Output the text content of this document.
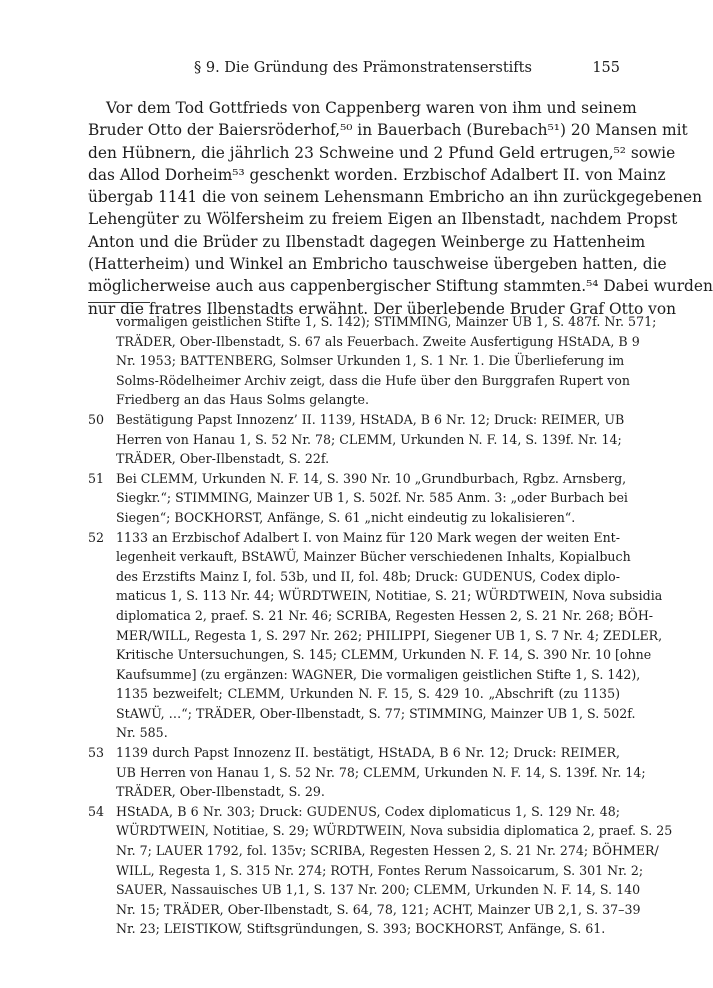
§ 9. Die Gründung des Prämonstratenserstifts	155
Vor dem Tod Gottfrieds von Cappenberg waren von ihm und seinem
Bruder Otto der Baiersröderhof,⁵⁰ in Bauerbach (Burebach⁵¹) 20 Mansen mit
den Hübnern, die jährlich 23 Schweine und 2 Pfund Geld ertrugen,⁵² sowie
das Allod Dorheim⁵³ geschenkt worden. Erzbischof Adalbert II. von Mainz
übergab 1141 die von seinem Lehensmann Embricho an ihn zurückgegebenen
Lehengüter zu Wölfersheim zu freiem Eigen an Ilbenstadt, nachdem Propst
Anton und die Brüder zu Ilbenstadt dagegen Weinberge zu Hattenheim
(Hatterheim) und Winkel an Embricho tauschweise übergeben hatten, die
möglicherweise auch aus cappenbergischer Stiftung stammten.⁵⁴ Dabei wurden
nur die fratres Ilbenstadts erwähnt. Der überlebende Bruder Graf Otto von
vormaligen geistlichen Stifte 1, S. 142); STIMMING, Mainzer UB 1, S. 487f. Nr. 571;
TRÄDER, Ober-Ilbenstadt, S. 67 als Feuerbach. Zweite Ausfertigung HStADA, B 9
Nr. 1953; BATTENBERG, Solmser Urkunden 1, S. 1 Nr. 1. Die Überlieferung im
Solms-Rödelheimer Archiv zeigt, dass die Hufe über den Burggrafen Rupert von
Friedberg an das Haus Solms gelangte.
50 Bestätigung Papst Innozenz’ II. 1139, HStADA, B 6 Nr. 12; Druck: REIMER, UB
Herren von Hanau 1, S. 52 Nr. 78; CLEMM, Urkunden N. F. 14, S. 139f. Nr. 14;
TRÄDER, Ober-Ilbenstadt, S. 22f.
51 Bei CLEMM, Urkunden N. F. 14, S. 390 Nr. 10 „Grundburbach, Rgbz. Arnsberg,
Siegkr.“; STIMMING, Mainzer UB 1, S. 502f. Nr. 585 Anm. 3: „oder Burbach bei
Siegen“; BOCKHORST, Anfänge, S. 61 „nicht eindeutig zu lokalisieren“.
52 1133 an Erzbischof Adalbert I. von Mainz für 120 Mark wegen der weiten Ent-
legenheit verkauft, BStAWÜ, Mainzer Bücher verschiedenen Inhalts, Kopialbuch
des Erzstifts Mainz I, fol. 53b, und II, fol. 48b; Druck: GUDENUS, Codex diplo-
maticus 1, S. 113 Nr. 44; WÜRDTWEIN, Notitiae, S. 21; WÜRDTWEIN, Nova subsidia
diplomatica 2, praef. S. 21 Nr. 46; SCRIBA, Regesten Hessen 2, S. 21 Nr. 268; BÖH-
MER/WILL, Regesta 1, S. 297 Nr. 262; PHILIPPI, Siegener UB 1, S. 7 Nr. 4; ZEDLER,
Kritische Untersuchungen, S. 145; CLEMM, Urkunden N. F. 14, S. 390 Nr. 10 [ohne
Kaufsumme] (zu ergänzen: WAGNER, Die vormaligen geistlichen Stifte 1, S. 142),
1135 bezweifelt; CLEMM, Urkunden N. F. 15, S. 429 10. „Abschrift (zu 1135)
StAWÜ, …“; TRÄDER, Ober-Ilbenstadt, S. 77; STIMMING, Mainzer UB 1, S. 502f.
Nr. 585.
53 1139 durch Papst Innozenz II. bestätigt, HStADA, B 6 Nr. 12; Druck: REIMER,
UB Herren von Hanau 1, S. 52 Nr. 78; CLEMM, Urkunden N. F. 14, S. 139f. Nr. 14;
TRÄDER, Ober-Ilbenstadt, S. 29.
54 HStADA, B 6 Nr. 303; Druck: GUDENUS, Codex diplomaticus 1, S. 129 Nr. 48;
WÜRDTWEIN, Notitiae, S. 29; WÜRDTWEIN, Nova subsidia diplomatica 2, praef. S. 25
Nr. 7; LAUER 1792, fol. 135v; SCRIBA, Regesten Hessen 2, S. 21 Nr. 274; BÖHMER/
WILL, Regesta 1, S. 315 Nr. 274; ROTH, Fontes Rerum Nassoicarum, S. 301 Nr. 2;
SAUER, Nassauisches UB 1,1, S. 137 Nr. 200; CLEMM, Urkunden N. F. 14, S. 140
Nr. 15; TRÄDER, Ober-Ilbenstadt, S. 64, 78, 121; ACHT, Mainzer UB 2,1, S. 37–39
Nr. 23; LEISTIKOW, Stiftsgründungen, S. 393; BOCKHORST, Anfänge, S. 61.
